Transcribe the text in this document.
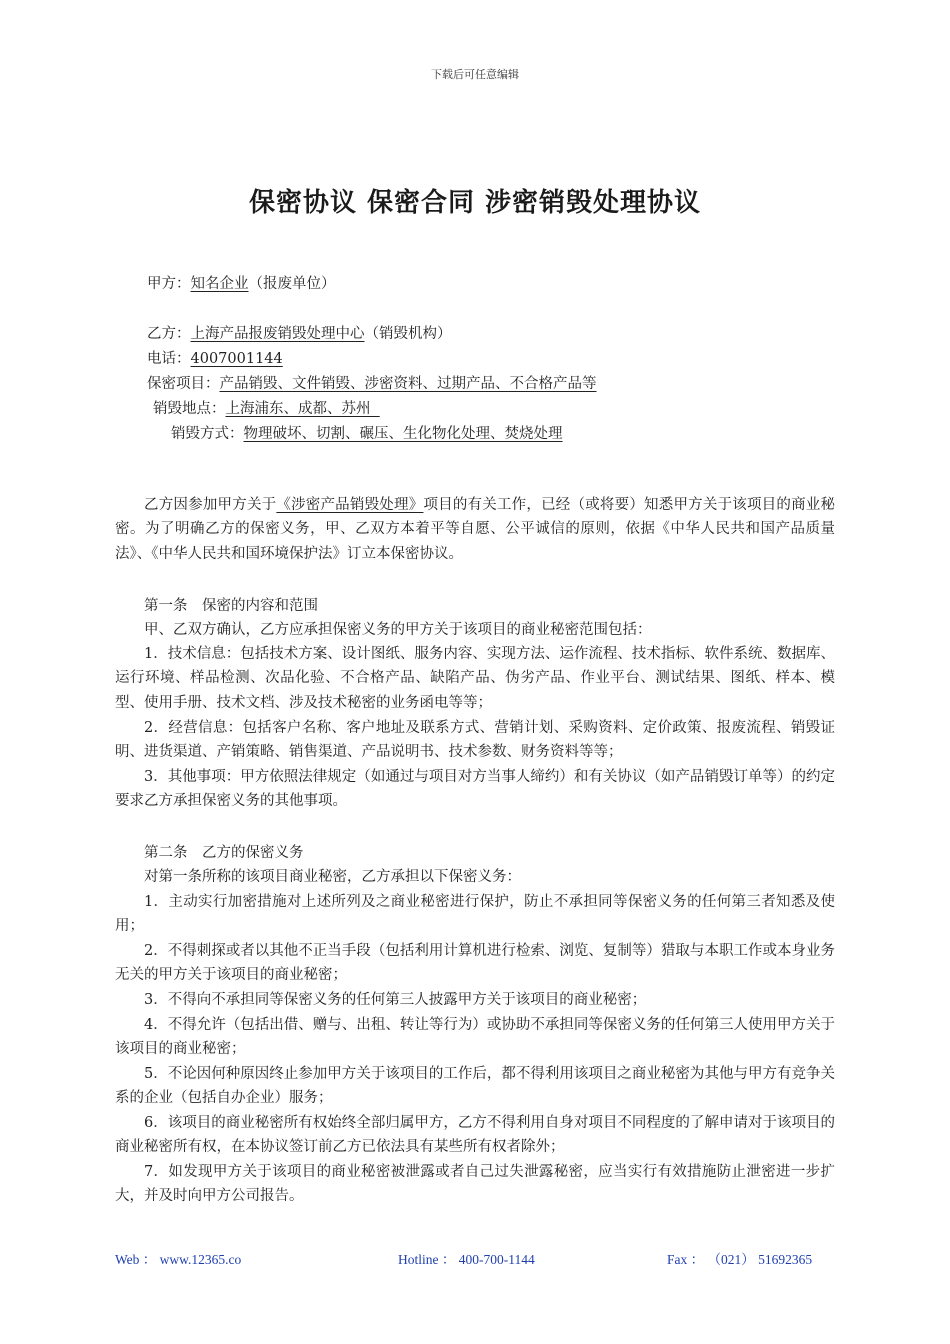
下载后可任意编辑
保密协议 保密合同 涉密销毁处理协议
甲方：知名企业（报废单位）
乙方：上海产品报废销毁处理中心（销毁机构）
电话：4007001144
保密项目：产品销毁、文件销毁、涉密资料、过期产品、不合格产品等
销毁地点：上海浦东、成都、苏州
销毁方式：物理破坏、切割、碾压、生化物化处理、焚烧处理

乙方因参加甲方关于《涉密产品销毁处理》项目的有关工作，已经（或将要）知悉甲方关于该项目的商业秘密。为了明确乙方的保密义务，甲、乙双方本着平等自愿、公平诚信的原则，依据《中华人民共和国产品质量法》、《中华人民共和国环境保护法》订立本保密协议。

第一条　保密的内容和范围

甲、乙双方确认，乙方应承担保密义务的甲方关于该项目的商业秘密范围包括：

1．技术信息：包括技术方案、设计图纸、服务内容、实现方法、运作流程、技术指标、软件系统、数据库、运行环境、样品检测、次品化验、不合格产品、缺陷产品、伪劣产品、作业平台、测试结果、图纸、样本、模型、使用手册、技术文档、涉及技术秘密的业务函电等等；

2．经营信息：包括客户名称、客户地址及联系方式、营销计划、采购资料、定价政策、报废流程、销毁证明、进货渠道、产销策略、销售渠道、产品说明书、技术参数、财务资料等等；

3．其他事项：甲方依照法律规定（如通过与项目对方当事人缔约）和有关协议（如产品销毁订单等）的约定要求乙方承担保密义务的其他事项。

第二条　乙方的保密义务

对第一条所称的该项目商业秘密，乙方承担以下保密义务：

1．主动实行加密措施对上述所列及之商业秘密进行保护，防止不承担同等保密义务的任何第三者知悉及使用；

2．不得刺探或者以其他不正当手段（包括利用计算机进行检索、浏览、复制等）猎取与本职工作或本身业务无关的甲方关于该项目的商业秘密；

3．不得向不承担同等保密义务的任何第三人披露甲方关于该项目的商业秘密；

4．不得允许（包括出借、赠与、出租、转让等行为）或协助不承担同等保密义务的任何第三人使用甲方关于该项目的商业秘密；

5．不论因何种原因终止参加甲方关于该项目的工作后，都不得利用该项目之商业秘密为其他与甲方有竞争关系的企业（包括自办企业）服务；

6．该项目的商业秘密所有权始终全部归属甲方，乙方不得利用自身对项目不同程度的了解申请对于该项目的商业秘密所有权，在本协议签订前乙方已依法具有某些所有权者除外；

7．如发现甲方关于该项目的商业秘密被泄露或者自己过失泄露秘密，应当实行有效措施防止泄密进一步扩大，并及时向甲方公司报告。

Web ： www.12365.co	Hotline ： 400-700-1144	Fax ： （021） 51692365
